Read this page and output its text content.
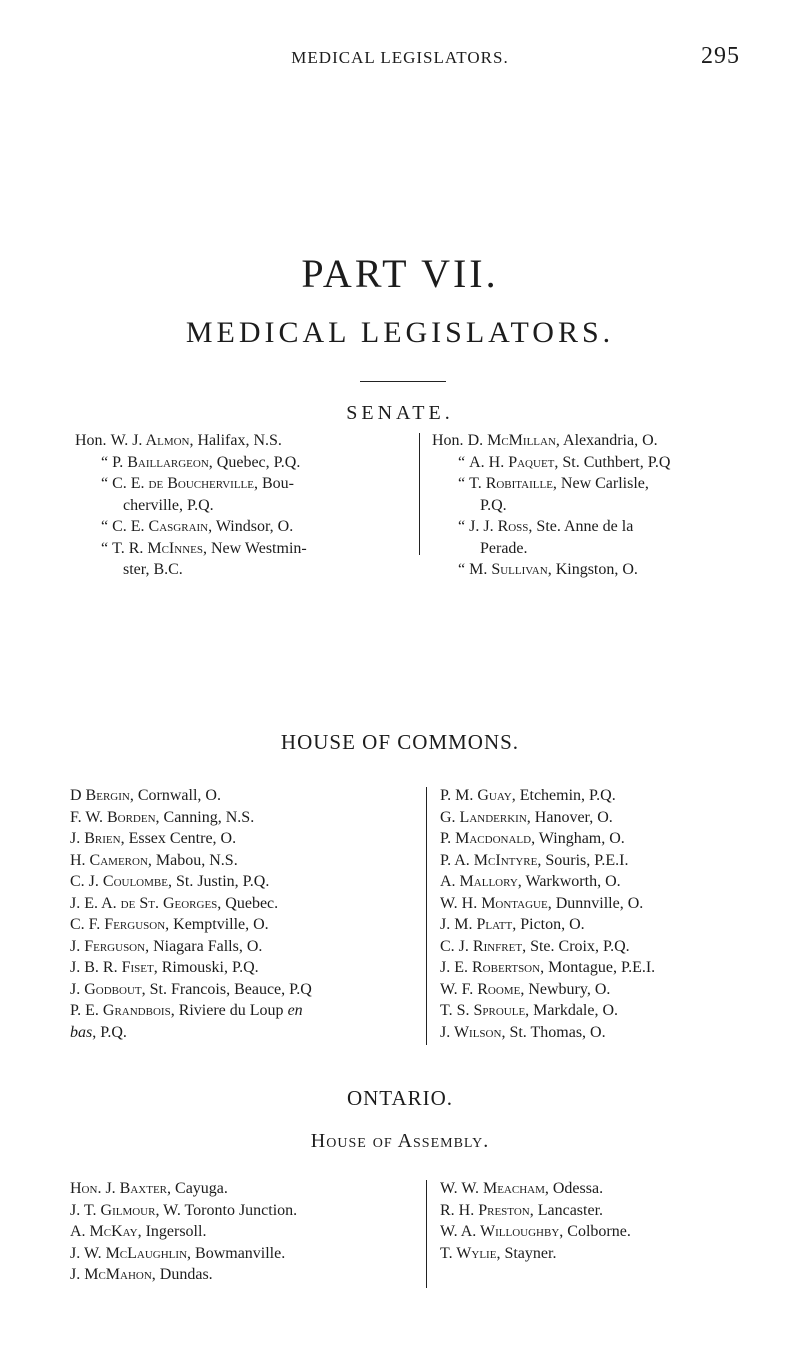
MEDICAL LEGISLATORS.	295
PART VII.
MEDICAL LEGISLATORS.
SENATE.
Hon. W. J. Almon, Halifax, N.S.
“ P. Baillargeon, Quebec, P.Q.
“ C. E. de Boucherville, Bou-
cherville, P.Q.
“ C. E. Casgrain, Windsor, O.
“ T. R. McInnes, New Westmin-
ster, B.C.
Hon. D. McMillan, Alexandria, O.
“ A. H. Paquet, St. Cuthbert, P.Q
“ T. Robitaille, New Carlisle,
P.Q.
“ J. J. Ross, Ste. Anne de la
Perade.
“ M. Sullivan, Kingston, O.
HOUSE OF COMMONS.
D Bergin, Cornwall, O.
F. W. Borden, Canning, N.S.
J. Brien, Essex Centre, O.
H. Cameron, Mabou, N.S.
C. J. Coulombe, St. Justin, P.Q.
J. E. A. de St. Georges, Quebec.
C. F. Ferguson, Kemptville, O.
J. Ferguson, Niagara Falls, O.
J. B. R. Fiset, Rimouski, P.Q.
J. Godbout, St. Francois, Beauce, P.Q
P. E. Grandbois, Riviere du Loup en
bas, P.Q.
P. M. Guay, Etchemin, P.Q.
G. Landerkin, Hanover, O.
P. Macdonald, Wingham, O.
P. A. McIntyre, Souris, P.E.I.
A. Mallory, Warkworth, O.
W. H. Montague, Dunnville, O.
J. M. Platt, Picton, O.
C. J. Rinfret, Ste. Croix, P.Q.
J. E. Robertson, Montague, P.E.I.
W. F. Roome, Newbury, O.
T. S. Sproule, Markdale, O.
J. Wilson, St. Thomas, O.
ONTARIO.
House of Assembly.
Hon. J. Baxter, Cayuga.
J. T. Gilmour, W. Toronto Junction.
A. McKay, Ingersoll.
J. W. McLaughlin, Bowmanville.
J. McMahon, Dundas.
W. W. Meacham, Odessa.
R. H. Preston, Lancaster.
W. A. Willoughby, Colborne.
T. Wylie, Stayner.
